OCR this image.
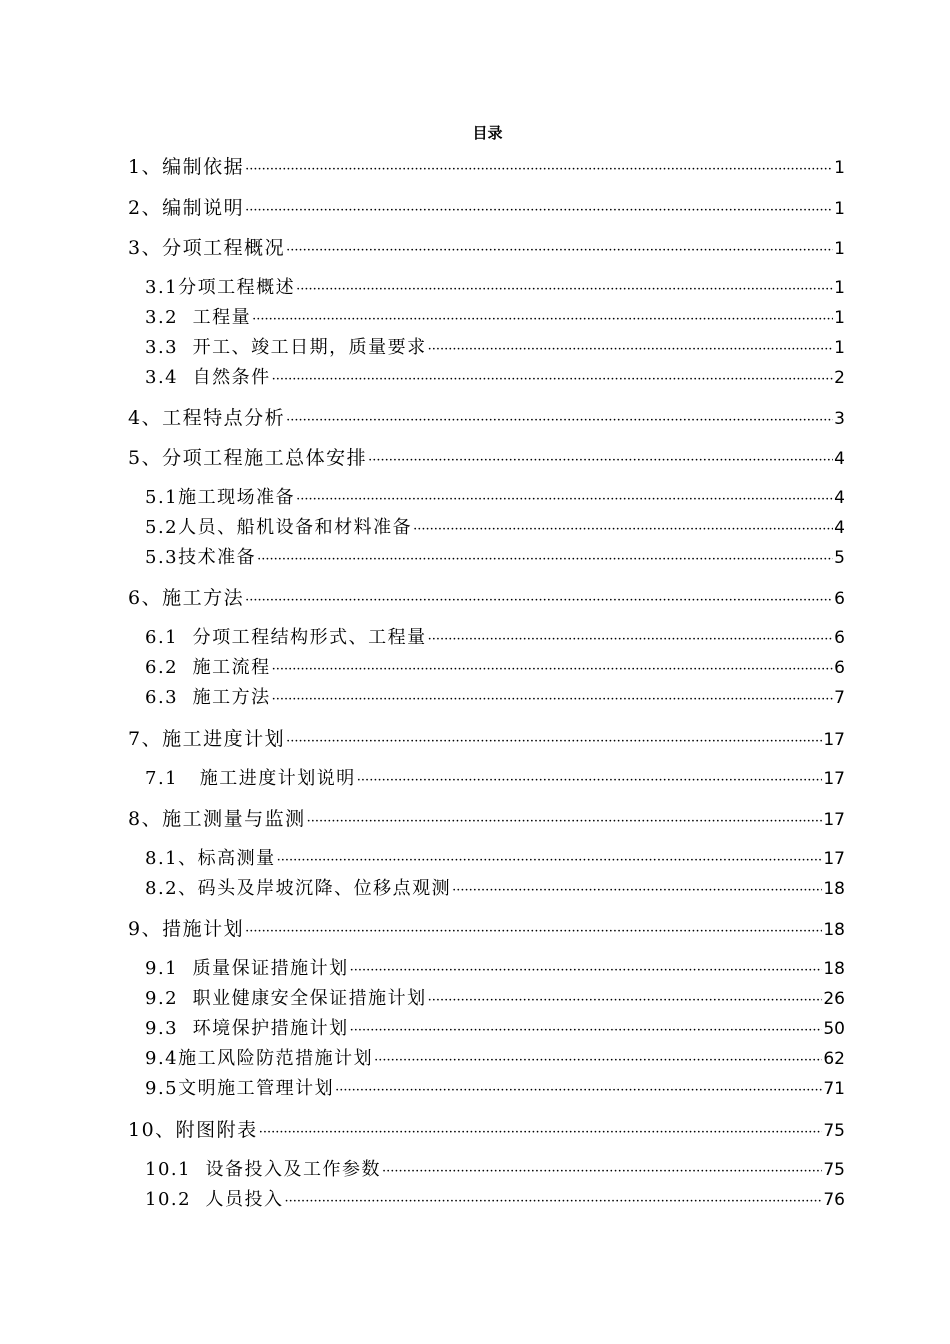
目录
1、编制依据 ·····	1
2、编制说明 ·····	1
3、分项工程概况 ·····	1
3.1分项工程概述 ·····	1
3.2  工程量 ·····	1
3.3  开工、竣工日期，质量要求 ·····	1
3.4  自然条件 ·····	2
4、工程特点分析 ·····	3
5、分项工程施工总体安排 ·····	4
5.1施工现场准备 ·····	4
5.2人员、船机设备和材料准备 ·····	4
5.3技术准备 ·····	5
6、施工方法 ·····	6
6.1  分项工程结构形式、工程量 ·····	6
6.2  施工流程 ·····	6
6.3  施工方法 ·····	7
7、施工进度计划 ·····	17
7.1   施工进度计划说明 ·····	17
8、施工测量与监测 ·····	17
8.1、标高测量 ·····	17
8.2、码头及岸坡沉降、位移点观测 ·····	18
9、措施计划 ·····	18
9.1  质量保证措施计划 ·····	18
9.2  职业健康安全保证措施计划 ·····	26
9.3  环境保护措施计划 ·····	50
9.4施工风险防范措施计划 ·····	62
9.5文明施工管理计划 ·····	71
10、附图附表 ·····	75
10.1  设备投入及工作参数 ·····	75
10.2  人员投入 ·····	76
